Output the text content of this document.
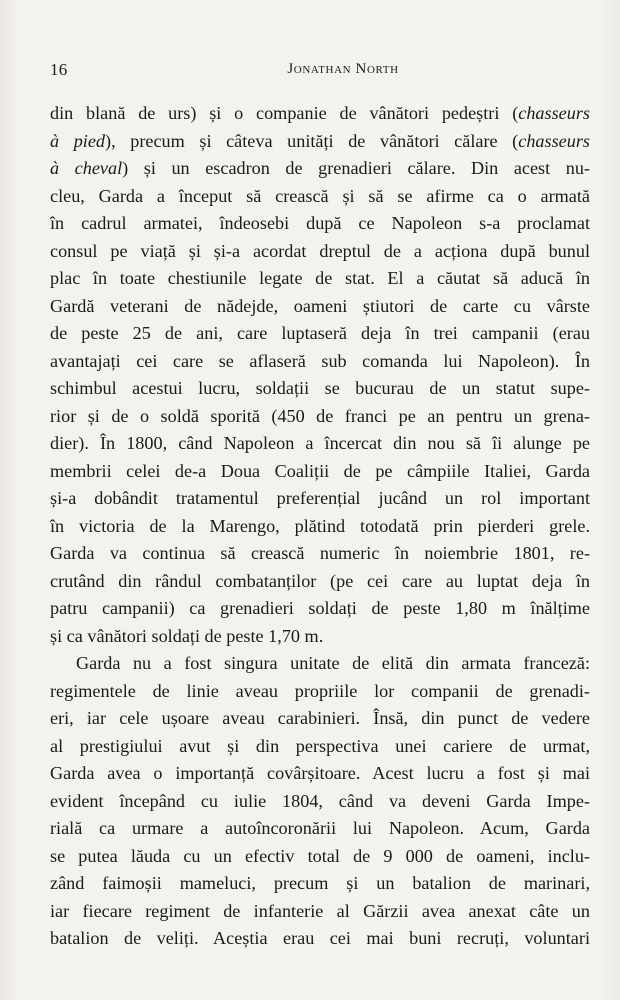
16	Jonathan North
din blană de urs) și o companie de vânători pedeștri (chasseurs
à pied), precum și câteva unități de vânători călare (chasseurs
à cheval) și un escadron de grenadieri călare. Din acest nu-
cleu, Garda a început să crească și să se afirme ca o armată
în cadrul armatei, îndeosebi după ce Napoleon s-a proclamat
consul pe viață și și-a acordat dreptul de a acționa după bunul
plac în toate chestiunile legate de stat. El a căutat să aducă în
Gardă veterani de nădejde, oameni știutori de carte cu vârste
de peste 25 de ani, care luptaseră deja în trei campanii (erau
avantajați cei care se aflaseră sub comanda lui Napoleon). În
schimbul acestui lucru, soldații se bucurau de un statut supe-
rior și de o soldă sporită (450 de franci pe an pentru un grena-
dier). În 1800, când Napoleon a încercat din nou să îi alunge pe
membrii celei de-a Doua Coaliții de pe câmpiile Italiei, Garda
și-a dobândit tratamentul preferențial jucând un rol important
în victoria de la Marengo, plătind totodată prin pierderi grele.
Garda va continua să crească numeric în noiembrie 1801, re-
crutând din rândul combatanților (pe cei care au luptat deja în
patru campanii) ca grenadieri soldați de peste 1,80 m înălțime
și ca vânători soldați de peste 1,70 m.
Garda nu a fost singura unitate de elită din armata franceză:
regimentele de linie aveau propriile lor companii de grenadi-
eri, iar cele ușoare aveau carabinieri. Însă, din punct de vedere
al prestigiului avut și din perspectiva unei cariere de urmat,
Garda avea o importanță covârșitoare. Acest lucru a fost și mai
evident începând cu iulie 1804, când va deveni Garda Impe-
rială ca urmare a autoîncoronării lui Napoleon. Acum, Garda
se putea lăuda cu un efectiv total de 9 000 de oameni, inclu-
zând faimoșii mameluci, precum și un batalion de marinari,
iar fiecare regiment de infanterie al Gărzii avea anexat câte un
batalion de veliți. Aceștia erau cei mai buni recruți, voluntari
